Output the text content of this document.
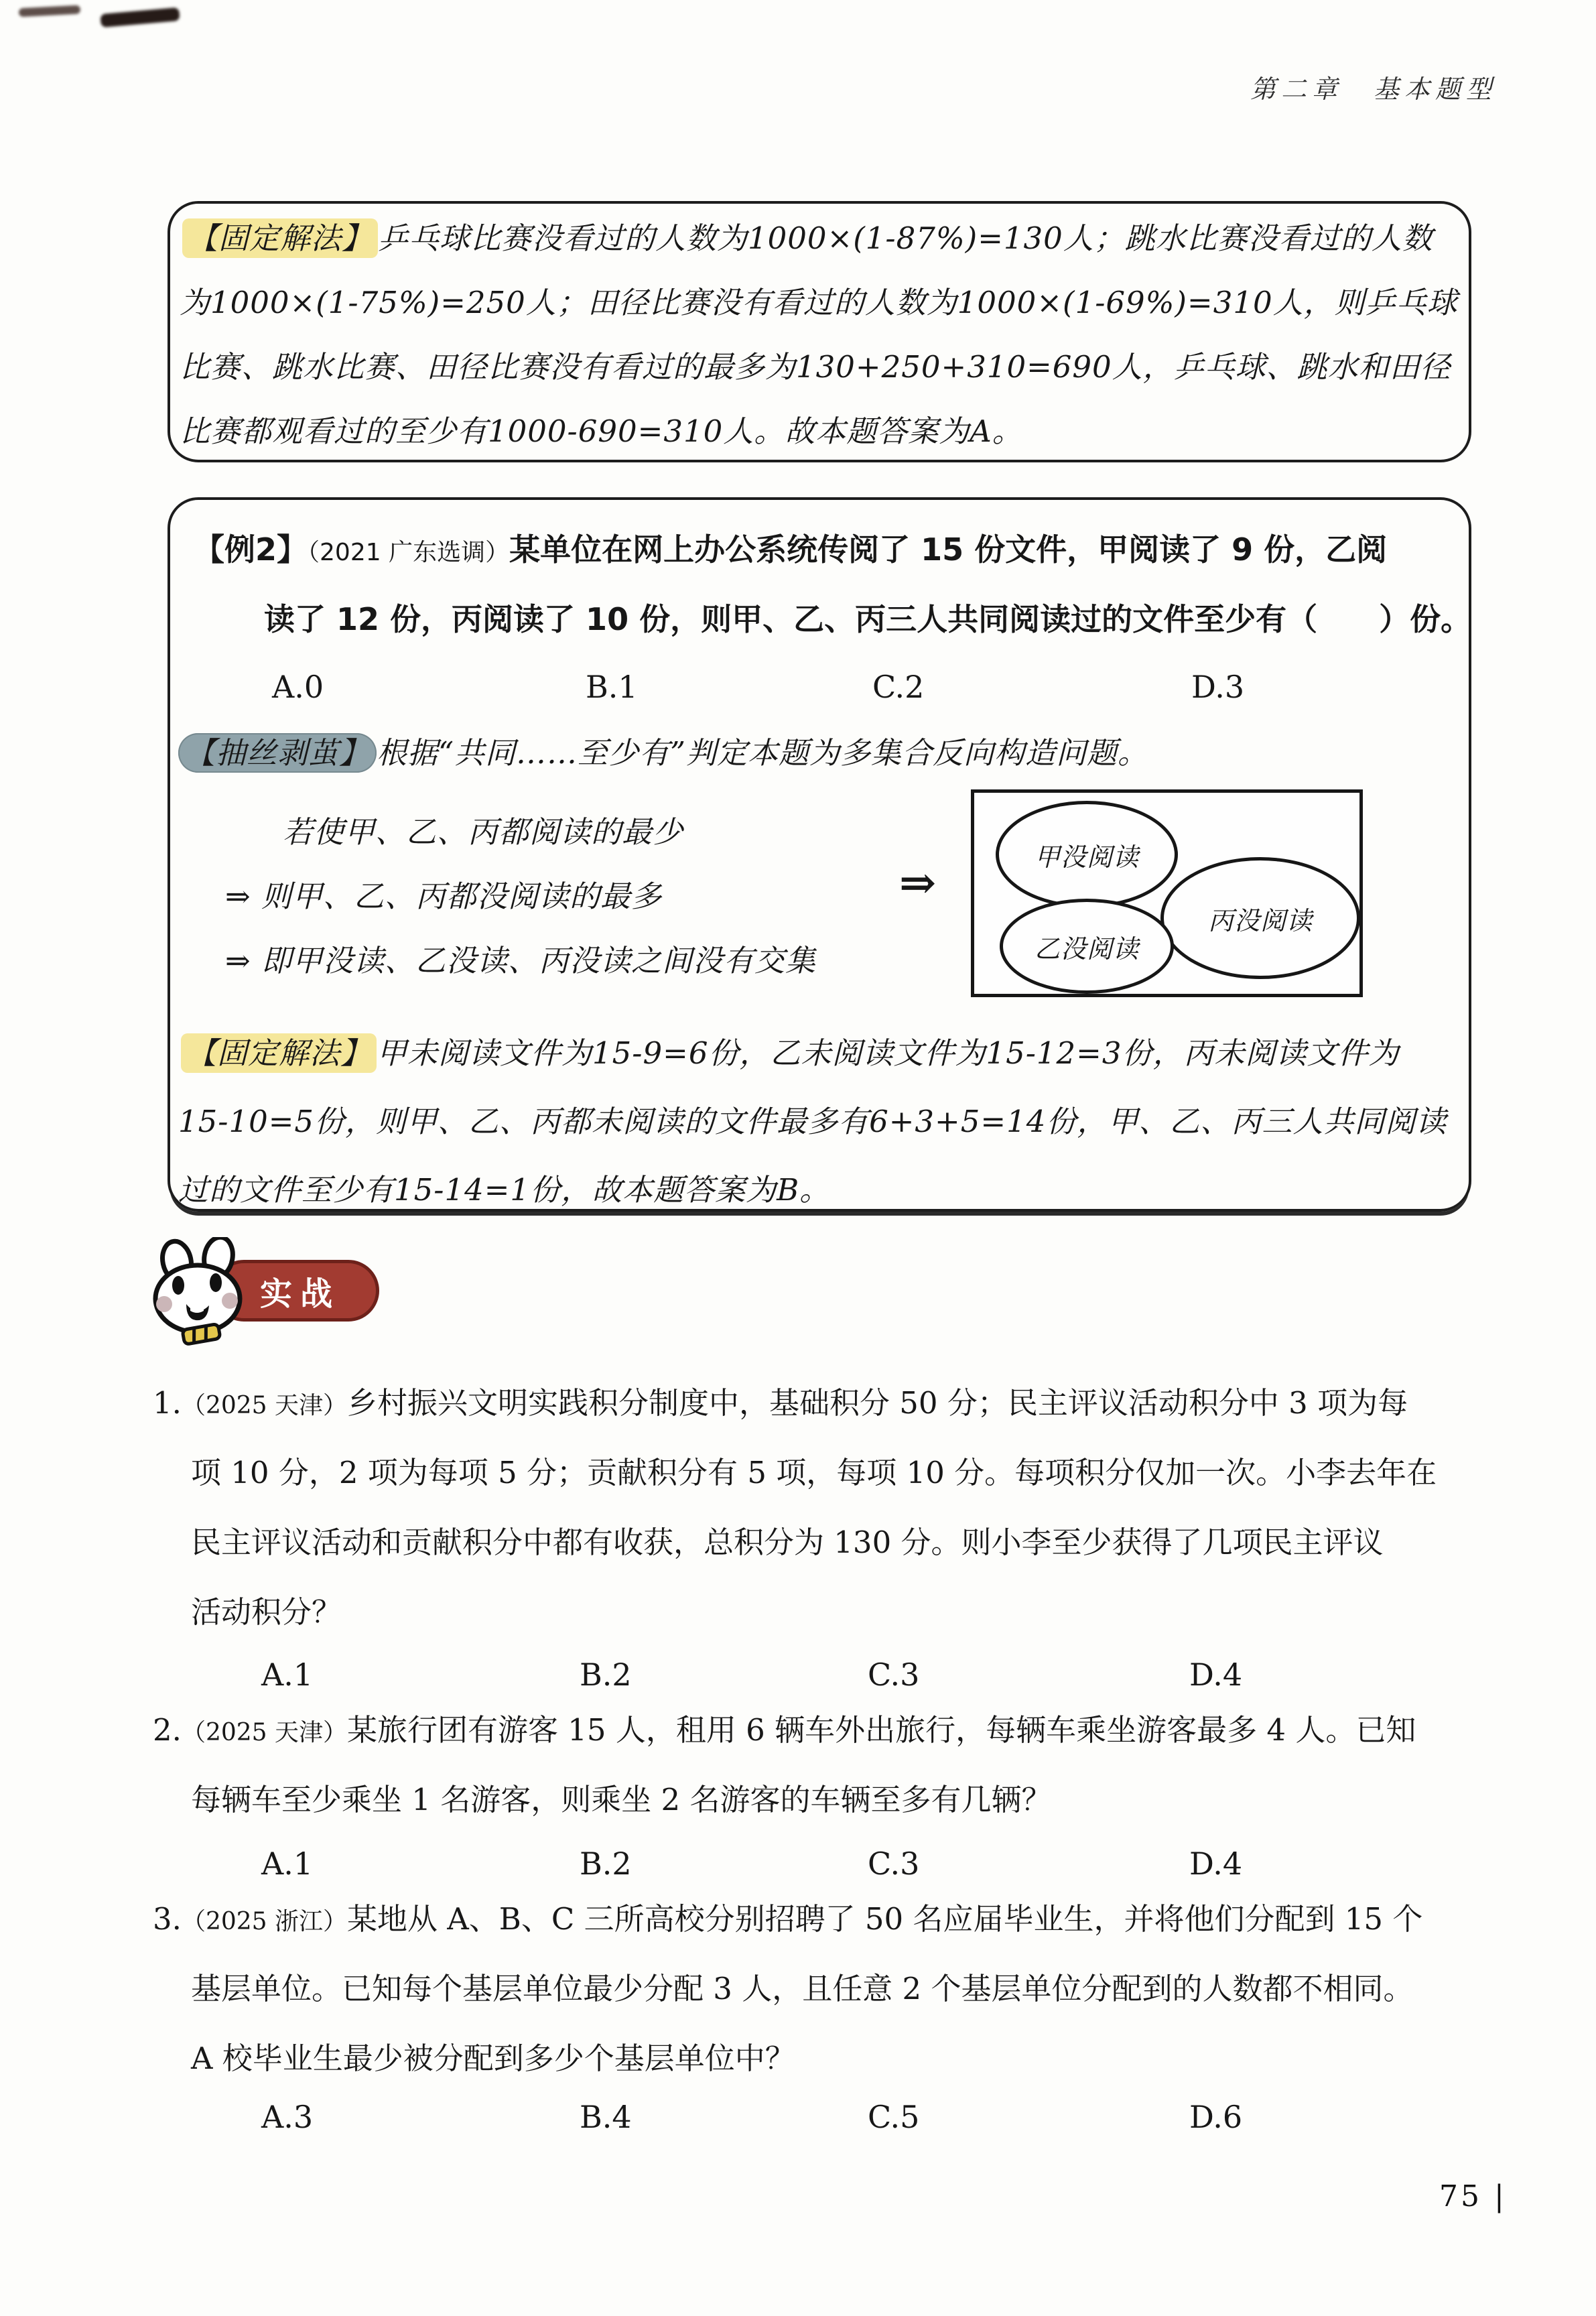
第二章　基本题型
【固定解法】 乒乓球比赛没看过的人数为1000×(1-87%)=130人；跳水比赛没看过的人数
为1000×(1-75%)=250人；田径比赛没有看过的人数为1000×(1-69%)=310人，则乒乓球
比赛、跳水比赛、田径比赛没有看过的最多为130+250+310=690人，乒乓球、跳水和田径
比赛都观看过的至少有1000-690=310人。故本题答案为A。
【例2】（2021 广东选调）某单位在网上办公系统传阅了 15 份文件，甲阅读了 9 份，乙阅
读了 12 份，丙阅读了 10 份，则甲、乙、丙三人共同阅读过的文件至少有（　　）份。
A.0	B.1	C.2	D.3
【抽丝剥茧】 根据“共同……至少有”判定本题为多集合反向构造问题。
若使甲、乙、丙都阅读的最少
⇒ 则甲、乙、丙都没阅读的最多
⇒ 即甲没读、乙没读、丙没读之间没有交集
⇒	甲没阅读
丙没阅读
乙没阅读
【固定解法】 甲未阅读文件为15-9=6份，乙未阅读文件为15-12=3份，丙未阅读文件为
15-10=5份，则甲、乙、丙都未阅读的文件最多有6+3+5=14份，甲、乙、丙三人共同阅读
过的文件至少有15-14=1份，故本题答案为B。
实战
1.（2025 天津）乡村振兴文明实践积分制度中，基础积分 50 分；民主评议活动积分中 3 项为每
项 10 分，2 项为每项 5 分；贡献积分有 5 项，每项 10 分。每项积分仅加一次。小李去年在
民主评议活动和贡献积分中都有收获，总积分为 130 分。则小李至少获得了几项民主评议
活动积分？
A.1	B.2	C.3	D.4
2.（2025 天津）某旅行团有游客 15 人，租用 6 辆车外出旅行，每辆车乘坐游客最多 4 人。已知
每辆车至少乘坐 1 名游客，则乘坐 2 名游客的车辆至多有几辆？
A.1	B.2	C.3	D.4
3.（2025 浙江）某地从 A、B、C 三所高校分别招聘了 50 名应届毕业生，并将他们分配到 15 个
基层单位。已知每个基层单位最少分配 3 人，且任意 2 个基层单位分配到的人数都不相同。
A 校毕业生最少被分配到多少个基层单位中？
A.3	B.4	C.5	D.6
75 |
